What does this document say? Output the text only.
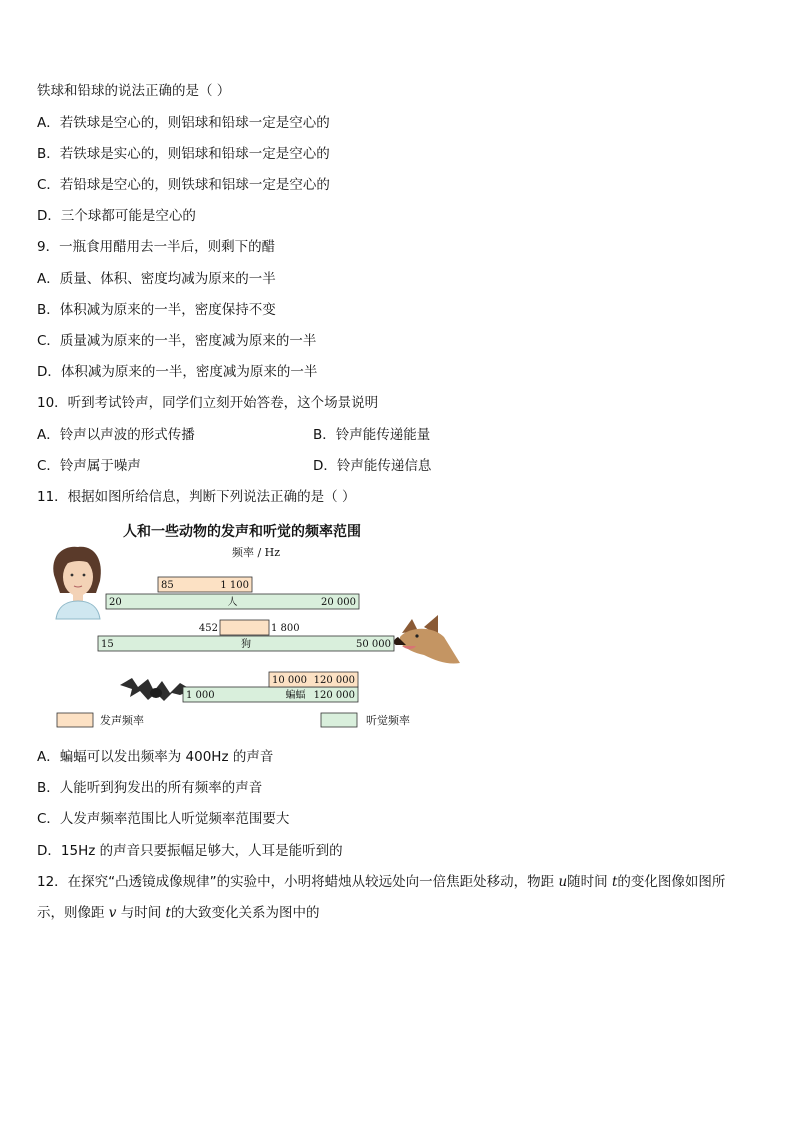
铁球和铅球的说法正确的是（ ）
A．若铁球是空心的，则铝球和铅球一定是空心的
B．若铁球是实心的，则铝球和铅球一定是空心的
C．若铅球是空心的，则铁球和铝球一定是空心的
D．三个球都可能是空心的
9．一瓶食用醋用去一半后，则剩下的醋
A．质量、体积、密度均减为原来的一半
B．体积减为原来的一半，密度保持不变
C．质量减为原来的一半，密度减为原来的一半
D．体积减为原来的一半，密度减为原来的一半
10．听到考试铃声，同学们立刻开始答卷，这个场景说明
A．铃声以声波的形式传播	B．铃声能传递能量
C．铃声属于噪声	D．铃声能传递信息
11．根据如图所给信息，判断下列说法正确的是（ ）
人和一些动物的发声和听觉的频率范围
频率 / Hz
20	20 000
人
85	1 100
15	50 000
狗
452	1 800
1 000	120 000
蝙蝠
10 000 120 000
发声频率	听觉频率
A．蝙蝠可以发出频率为 400Hz 的声音
B．人能听到狗发出的所有频率的声音
C．人发声频率范围比人听觉频率范围要大
D．15Hz 的声音只要振幅足够大，人耳是能听到的
12．在探究“凸透镜成像规律”的实验中，小明将蜡烛从较远处向一倍焦距处移动，物距 u随时间 t的变化图像如图所
示，则像距 v 与时间 t的大致变化关系为图中的
